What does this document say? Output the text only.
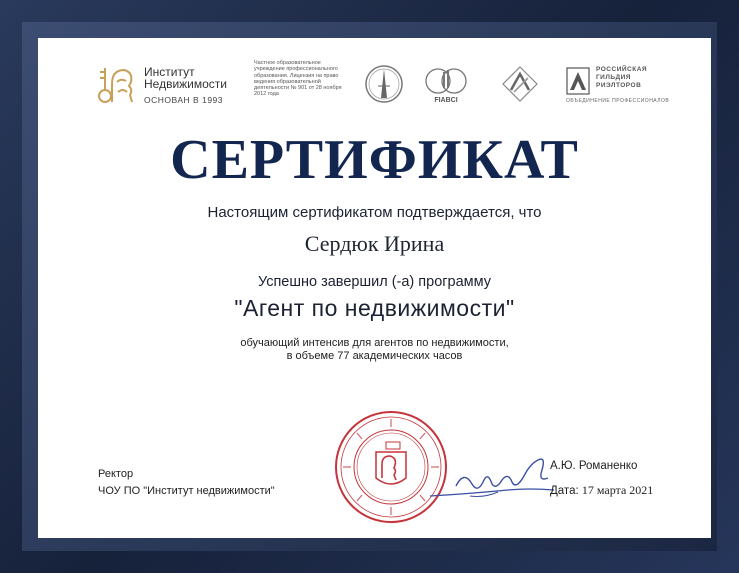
Институт
Недвижимости
ОСНОВАН В 1993
Частное образовательное учреждение профессионального образования. Лицензия на право ведения образовательной деятельности № 901 от 28 ноября 2012 года
FIABCI
РОССИЙСКАЯ
ГИЛЬДИЯ
РИЭЛТОРОВ
ОБЪЕДИНЕНИЕ ПРОФЕССИОНАЛОВ
СЕРТИФИКАТ
Настоящим сертификатом подтверждается, что
Сердюк Ирина
Успешно завершил (-а) программу
"Агент по недвижимости"
обучающий интенсив для агентов по недвижимости,
в объеме 77 академических часов
Ректор
ЧОУ ПО "Институт недвижимости"
А.Ю. Романенко
Дата: 17 марта 2021
